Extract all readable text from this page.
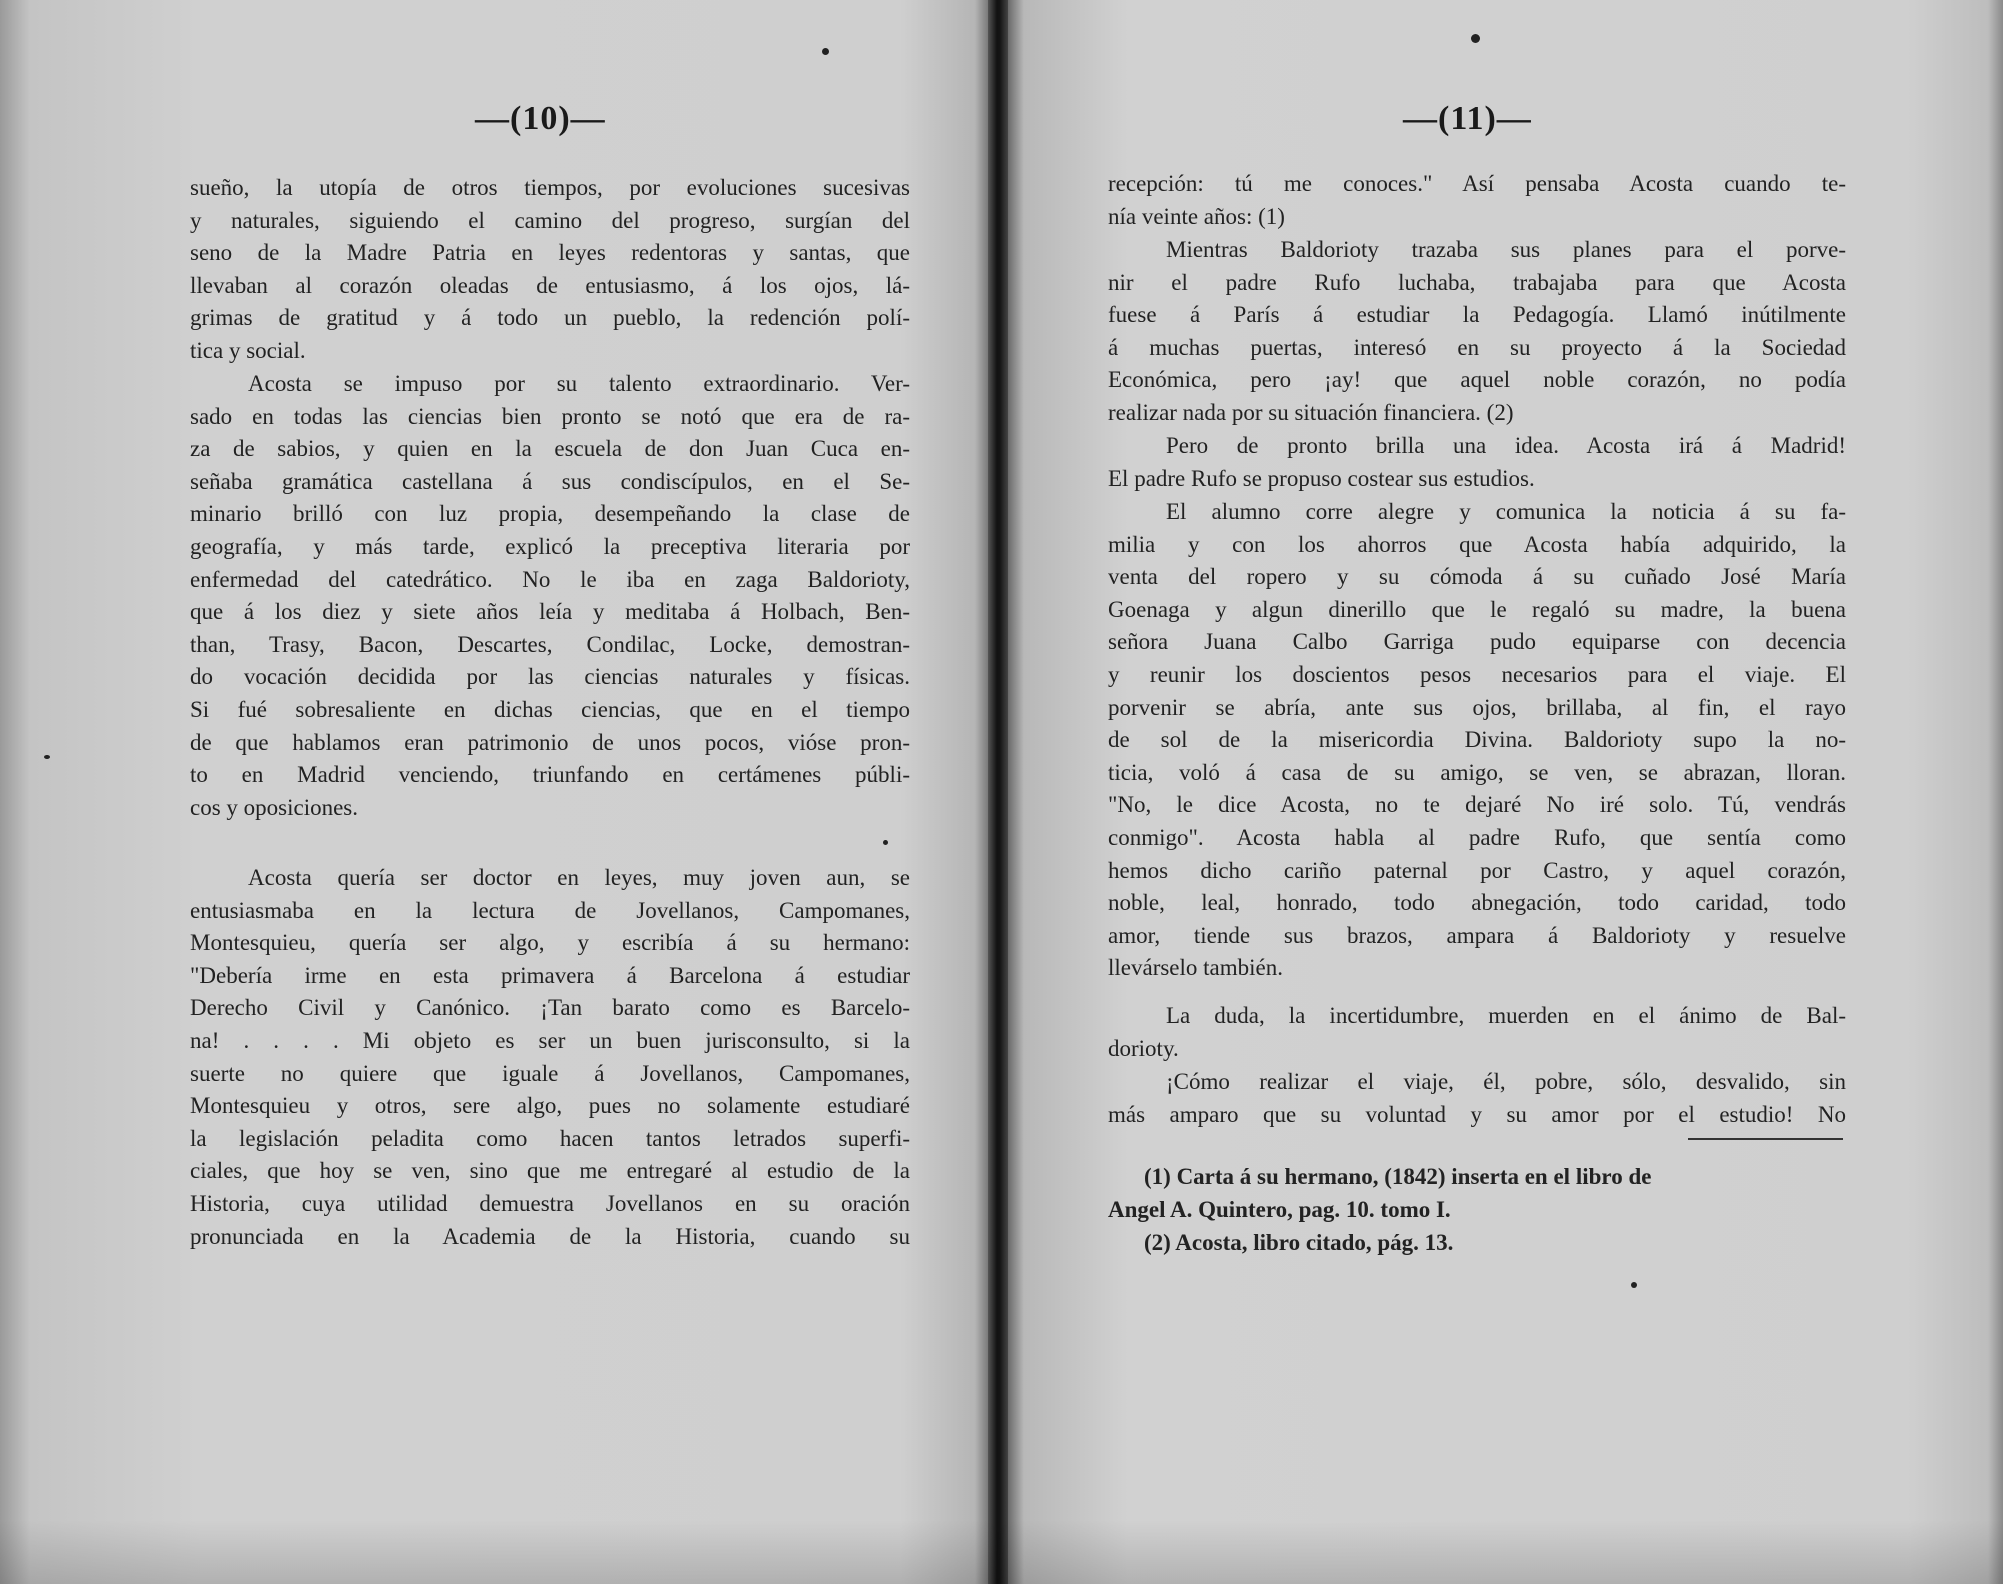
—(10)—
sueño, la utopía de otros tiempos, por evoluciones sucesivas
y naturales, siguiendo el camino del progreso, surgían del
seno de la Madre Patria en leyes redentoras y santas, que
llevaban al corazón oleadas de entusiasmo, á los ojos, lá-
grimas de gratitud y á todo un pueblo, la redención polí-
tica y social.
Acosta se impuso por su talento extraordinario. Ver-
sado en todas las ciencias bien pronto se notó que era de ra-
za de sabios, y quien en la escuela de don Juan Cuca en-
señaba gramática castellana á sus condiscípulos, en el Se-
minario brilló con luz propia, desempeñando la clase de
geografía, y más tarde, explicó la preceptiva literaria por
enfermedad del catedrático. No le iba en zaga Baldorioty,
que á los diez y siete años leía y meditaba á Holbach, Ben-
than, Trasy, Bacon, Descartes, Condilac, Locke, demostran-
do vocación decidida por las ciencias naturales y físicas.
Si fué sobresaliente en dichas ciencias, que en el tiempo
de que hablamos eran patrimonio de unos pocos, vióse pron-
to en Madrid venciendo, triunfando en certámenes públi-
cos y oposiciones.
Acosta quería ser doctor en leyes, muy joven aun, se
entusiasmaba en la lectura de Jovellanos, Campomanes,
Montesquieu, quería ser algo, y escribía á su hermano:
"Debería irme en esta primavera á Barcelona á estudiar
Derecho Civil y Canónico. ¡Tan barato como es Barcelo-
na! . . . . Mi objeto es ser un buen jurisconsulto, si la
suerte no quiere que iguale á Jovellanos, Campomanes,
Montesquieu y otros, sere algo, pues no solamente estudiaré
la legislación peladita como hacen tantos letrados superfi-
ciales, que hoy se ven, sino que me entregaré al estudio de la
Historia, cuya utilidad demuestra Jovellanos en su oración
pronunciada en la Academia de la Historia, cuando su
—(11)—
recepción: tú me conoces." Así pensaba Acosta cuando te-
nía veinte años: (1)
Mientras Baldorioty trazaba sus planes para el porve-
nir el padre Rufo luchaba, trabajaba para que Acosta
fuese á París á estudiar la Pedagogía. Llamó inútilmente
á muchas puertas, interesó en su proyecto á la Sociedad
Económica, pero ¡ay! que aquel noble corazón, no podía
realizar nada por su situación financiera. (2)
Pero de pronto brilla una idea. Acosta irá á Madrid!
El padre Rufo se propuso costear sus estudios.
El alumno corre alegre y comunica la noticia á su fa-
milia y con los ahorros que Acosta había adquirido, la
venta del ropero y su cómoda á su cuñado José María
Goenaga y algun dinerillo que le regaló su madre, la buena
señora Juana Calbo Garriga pudo equiparse con decencia
y reunir los doscientos pesos necesarios para el viaje. El
porvenir se abría, ante sus ojos, brillaba, al fin, el rayo
de sol de la misericordia Divina. Baldorioty supo la no-
ticia, voló á casa de su amigo, se ven, se abrazan, lloran.
"No, le dice Acosta, no te dejaré No iré solo. Tú, vendrás
conmigo". Acosta habla al padre Rufo, que sentía como
hemos dicho cariño paternal por Castro, y aquel corazón,
noble, leal, honrado, todo abnegación, todo caridad, todo
amor, tiende sus brazos, ampara á Baldorioty y resuelve
llevárselo también.
La duda, la incertidumbre, muerden en el ánimo de Bal-
dorioty.
¡Cómo realizar el viaje, él, pobre, sólo, desvalido, sin
más amparo que su voluntad y su amor por el estudio! No
(1) Carta á su hermano, (1842) inserta en el libro de
Angel A. Quintero, pag. 10. tomo I.
(2) Acosta, libro citado, pág. 13.
